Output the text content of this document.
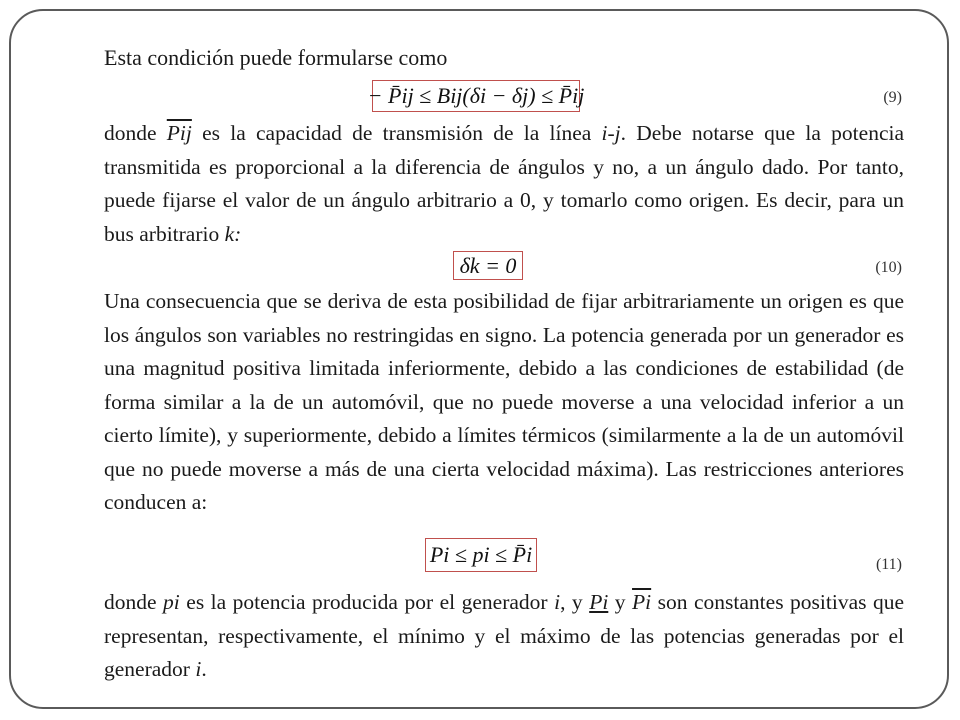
Esta condición puede formularse como
− P̄ij ≤ Bij(δi − δj) ≤ P̄ij	(9)
donde $\overline{Pij}$ es la capacidad de transmisión de la línea i-j. Debe notarse que la potencia transmitida es proporcional a la diferencia de ángulos y no, a un ángulo dado. Por tanto, puede fijarse el valor de un ángulo arbitrario a 0, y tomarlo como origen. Es decir, para un bus arbitrario k:
δk = 0	(10)
Una consecuencia que se deriva de esta posibilidad de fijar arbitrariamente un origen es que los ángulos son variables no restringidas en signo. La potencia generada por un generador es una magnitud positiva limitada inferiormente, debido a las condiciones de estabilidad (de forma similar a la de un automóvil, que no puede moverse a una velocidad inferior a un cierto límite), y superiormente, debido a límites térmicos (similarmente a la de un automóvil que no puede moverse a más de una cierta velocidad máxima). Las restricciones anteriores conducen a:
Pi ≤ pi ≤ P̄i	(11)
donde pi es la potencia producida por el generador i, y Pi y $\overline{Pi}$ son constantes positivas que representan, respectivamente, el mínimo y el máximo de las potencias generadas por el generador i.
